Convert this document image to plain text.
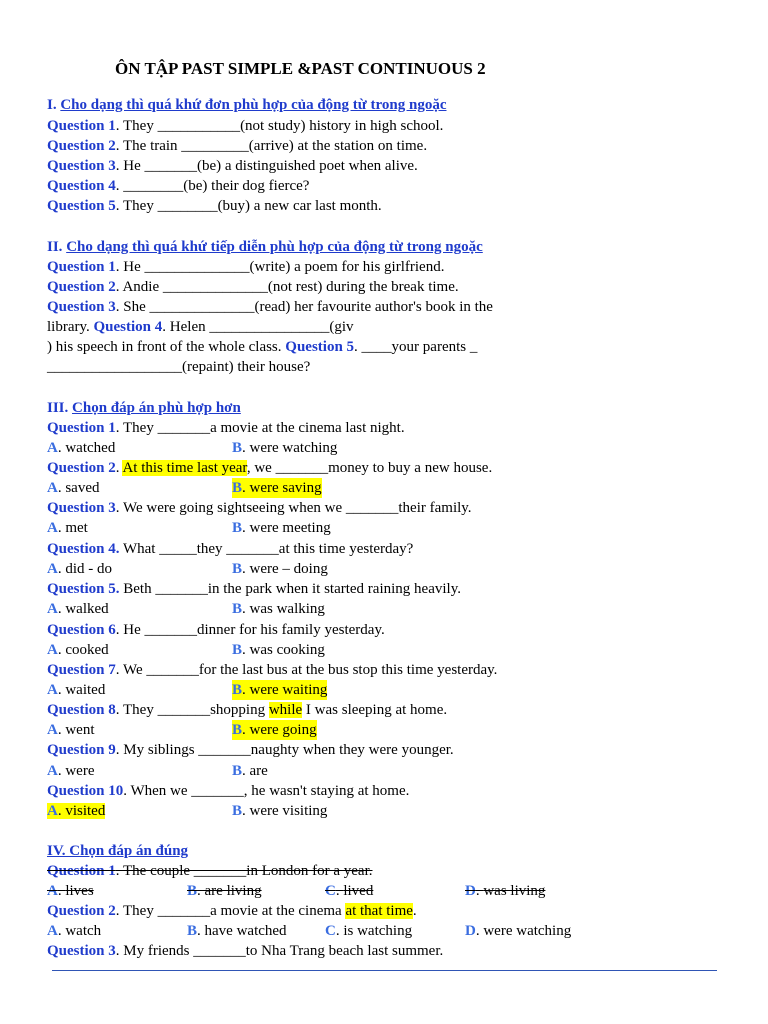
ÔN TẬP PAST SIMPLE &PAST CONTINUOUS 2
I. Cho dạng thì quá khứ đơn phù hợp của động từ trong ngoặc
Question 1. They ___________(not study) history in high school.
Question 2. The train _________(arrive) at the station on time.
Question 3. He _______(be) a distinguished poet when alive.
Question 4. ________(be) their dog fierce?
Question 5. They ________(buy) a new car last month.
II. Cho dạng thì quá khứ tiếp diễn phù hợp của động từ trong ngoặc
Question 1. He ______________(write) a poem for his girlfriend.
Question 2. Andie ______________(not rest) during the break time.
Question 3. She ______________(read) her favourite author's book in the
library. Question 4. Helen ________________(giv
) his speech in front of the whole class. Question 5. ____your parents _
__________________(repaint) their house?
III. Chọn đáp án phù hợp hơn
Question 1. They _______a movie at the cinema last night.
A. watched	B. were watching
Question 2. At this time last year, we _______money to buy a new house.
A. saved	B. were saving
Question 3. We were going sightseeing when we _______their family.
A. met	B. were meeting
Question 4. What _____they _______at this time yesterday?
A. did - do	B. were – doing
Question 5. Beth _______in the park when it started raining heavily.
A. walked	B. was walking
Question 6. He _______dinner for his family yesterday.
A. cooked	B. was cooking
Question 7. We _______for the last bus at the bus stop this time yesterday.
A. waited	B. were waiting
Question 8. They _______shopping while I was sleeping at home.
A. went	B. were going
Question 9. My siblings _______naughty when they were younger.
A. were	B. are
Question 10. When we _______, he wasn't staying at home.
A. visited	B. were visiting
IV. Chọn đáp án đúng
Question 1. The couple _______in London for a year.
A. lives	B. are living	C. lived	D. was living
Question 2. They _______a movie at the cinema at that time.
A. watch	B. have watched	C. is watching	D. were watching
Question 3. My friends _______to Nha Trang beach last summer.
